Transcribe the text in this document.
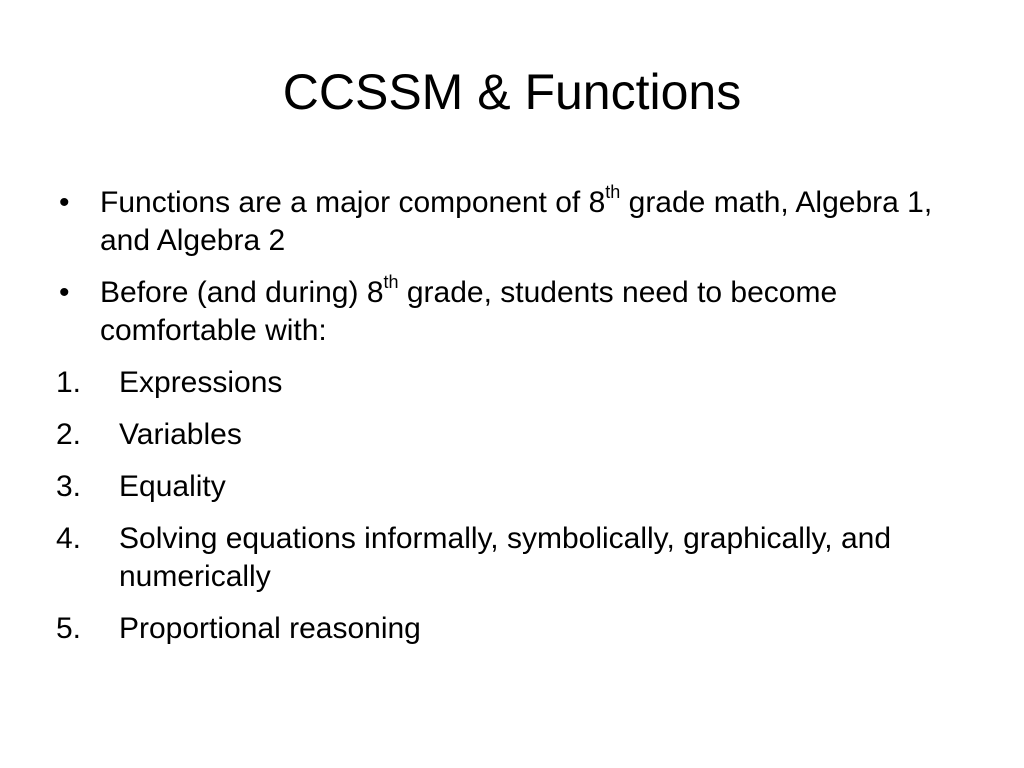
CCSSM & Functions
• Functions are a major component of 8th grade math, Algebra 1, and Algebra 2
• Before (and during) 8th grade, students need to become comfortable with:
1. Expressions
2. Variables
3. Equality
4. Solving equations informally, symbolically, graphically, and numerically
5. Proportional reasoning
